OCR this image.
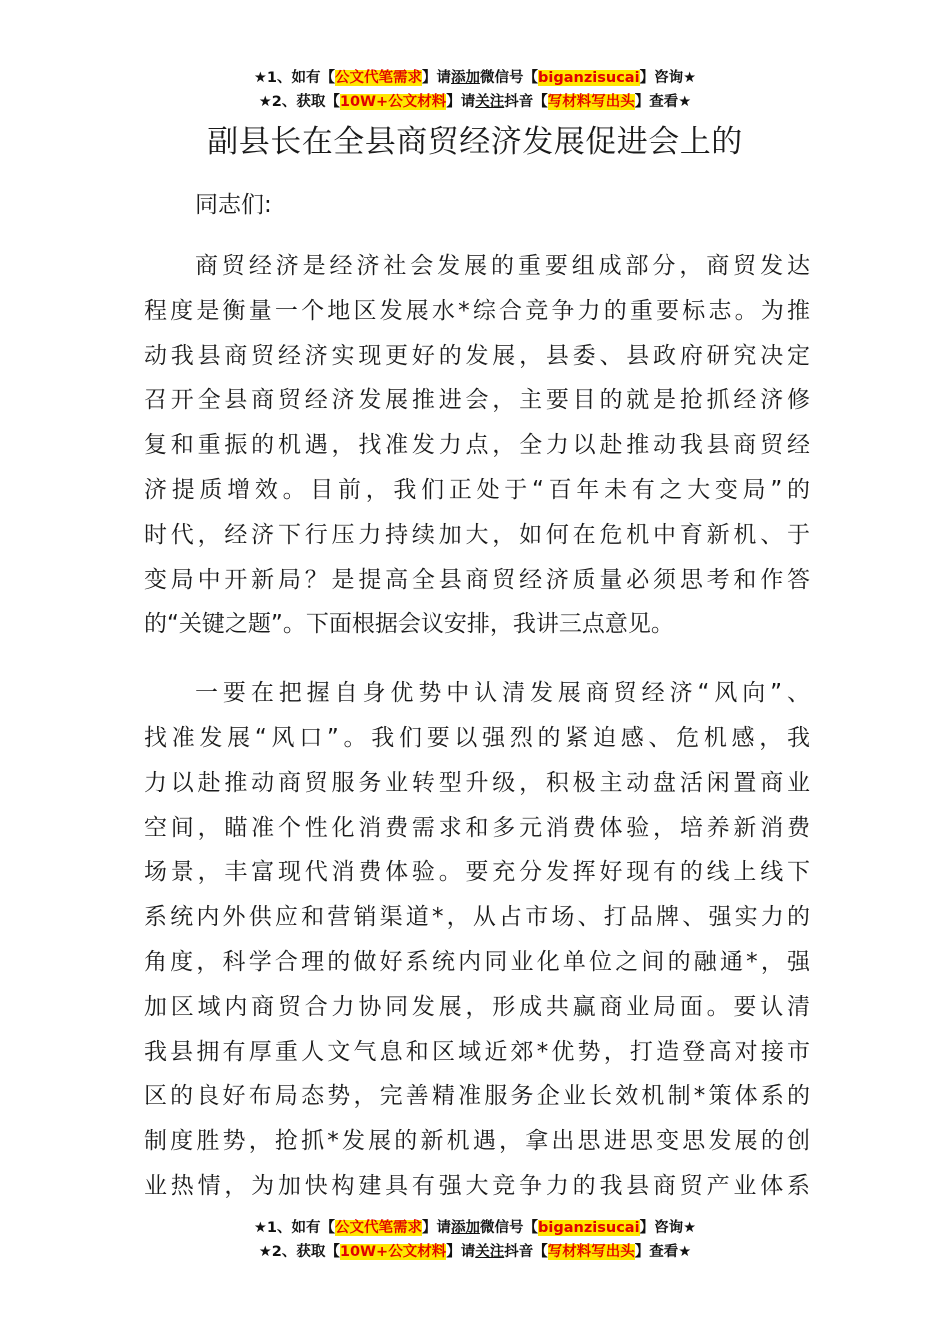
★1、如有【公文代笔需求】请添加微信号【biganzisucai】咨询★
★2、获取【10W+公文材料】请关注抖音【写材料写出头】查看★
副县长在全县商贸经济发展促进会上的

同志们:

商贸经济是经济社会发展的重要组成部分，商贸发达
程度是衡量一个地区发展水*综合竞争力的重要标志。为推
动我县商贸经济实现更好的发展，县委、县政府研究决定
召开全县商贸经济发展推进会，主要目的就是抢抓经济修
复和重振的机遇，找准发力点，全力以赴推动我县商贸经
济提质增效。目前，我们正处于“百年未有之大变局”的
时代，经济下行压力持续加大，如何在危机中育新机、于
变局中开新局？是提高全县商贸经济质量必须思考和作答
的“关键之题”。下面根据会议安排，我讲三点意见。
一要在把握自身优势中认清发展商贸经济“风向”、
找准发展“风口”。我们要以强烈的紧迫感、危机感，我
力以赴推动商贸服务业转型升级，积极主动盘活闲置商业
空间，瞄准个性化消费需求和多元消费体验，培养新消费
场景，丰富现代消费体验。要充分发挥好现有的线上线下
系统内外供应和营销渠道*，从占市场、打品牌、强实力的
角度，科学合理的做好系统内同业化单位之间的融通*，强
加区域内商贸合力协同发展，形成共赢商业局面。要认清
我县拥有厚重人文气息和区域近郊*优势，打造登高对接市
区的良好布局态势，完善精准服务企业长效机制*策体系的
制度胜势，抢抓*发展的新机遇，拿出思进思变思发展的创
业热情，为加快构建具有强大竞争力的我县商贸产业体系
★1、如有【公文代笔需求】请添加微信号【biganzisucai】咨询★
★2、获取【10W+公文材料】请关注抖音【写材料写出头】查看★
